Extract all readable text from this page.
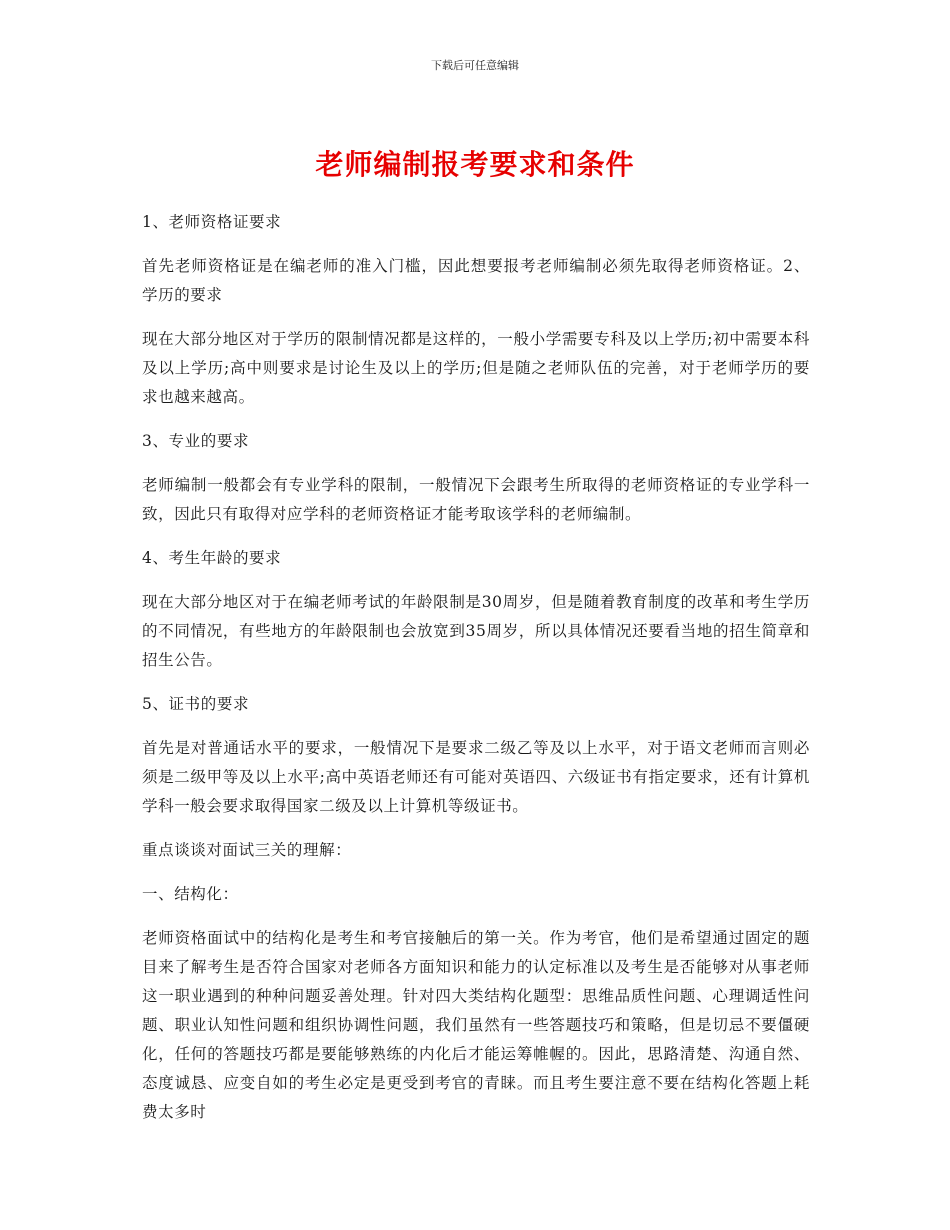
下载后可任意编辑
老师编制报考要求和条件

1、老师资格证要求

首先老师资格证是在编老师的准入门槛，因此想要报考老师编制必须先取得老师资格证。2、学历的要求

现在大部分地区对于学历的限制情况都是这样的，一般小学需要专科及以上学历;初中需要本科及以上学历;高中则要求是讨论生及以上的学历;但是随之老师队伍的完善，对于老师学历的要求也越来越高。

3、专业的要求

老师编制一般都会有专业学科的限制，一般情况下会跟考生所取得的老师资格证的专业学科一致，因此只有取得对应学科的老师资格证才能考取该学科的老师编制。

4、考生年龄的要求

现在大部分地区对于在编老师考试的年龄限制是30周岁，但是随着教育制度的改革和考生学历的不同情况，有些地方的年龄限制也会放宽到35周岁，所以具体情况还要看当地的招生简章和招生公告。

5、证书的要求

首先是对普通话水平的要求，一般情况下是要求二级乙等及以上水平，对于语文老师而言则必须是二级甲等及以上水平;高中英语老师还有可能对英语四、六级证书有指定要求，还有计算机学科一般会要求取得国家二级及以上计算机等级证书。

重点谈谈对面试三关的理解：

一、结构化：

老师资格面试中的结构化是考生和考官接触后的第一关。作为考官，他们是希望通过固定的题目来了解考生是否符合国家对老师各方面知识和能力的认定标准以及考生是否能够对从事老师这一职业遇到的种种问题妥善处理。针对四大类结构化题型：思维品质性问题、心理调适性问题、职业认知性问题和组织协调性问题，我们虽然有一些答题技巧和策略，但是切忌不要僵硬化，任何的答题技巧都是要能够熟练的内化后才能运筹帷幄的。因此，思路清楚、沟通自然、态度诚恳、应变自如的考生必定是更受到考官的青睐。而且考生要注意不要在结构化答题上耗费太多时
